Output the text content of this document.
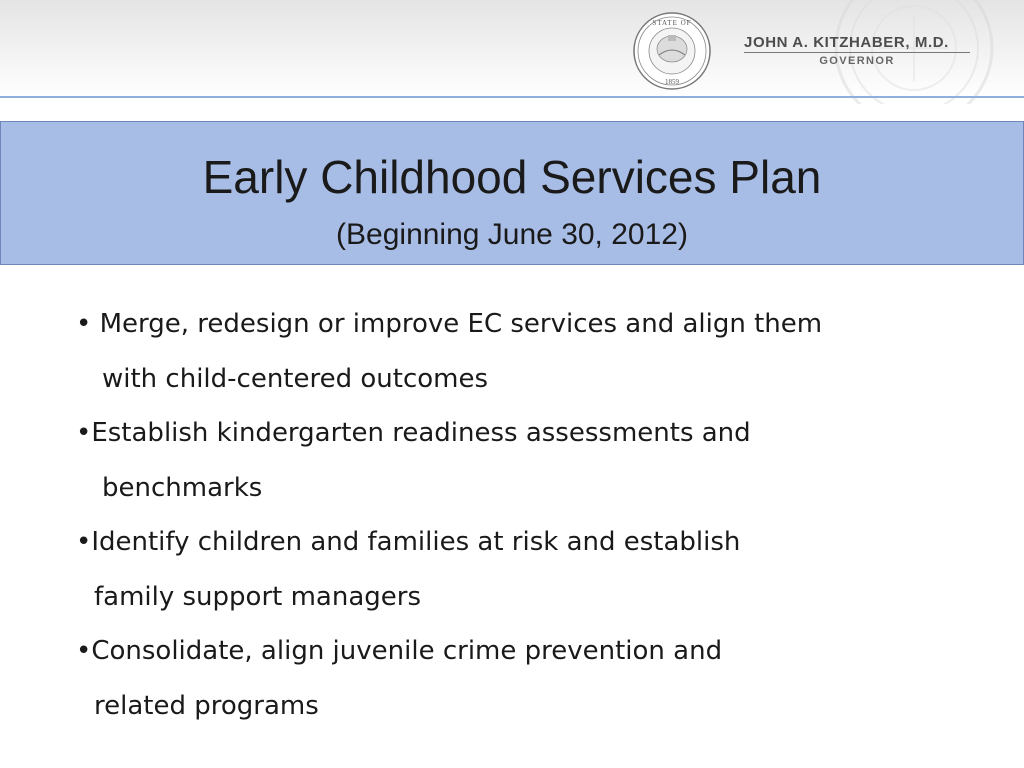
STATE OF
1859
JOHN A. KITZHABER, M.D.
GOVERNOR
Early Childhood Services Plan
(Beginning June 30, 2012)
• Merge, redesign or improve EC services and align them
with child-centered outcomes
•Establish kindergarten readiness assessments and
benchmarks
•Identify children and families at risk and establish
family support managers
•Consolidate, align juvenile crime prevention and
related programs
